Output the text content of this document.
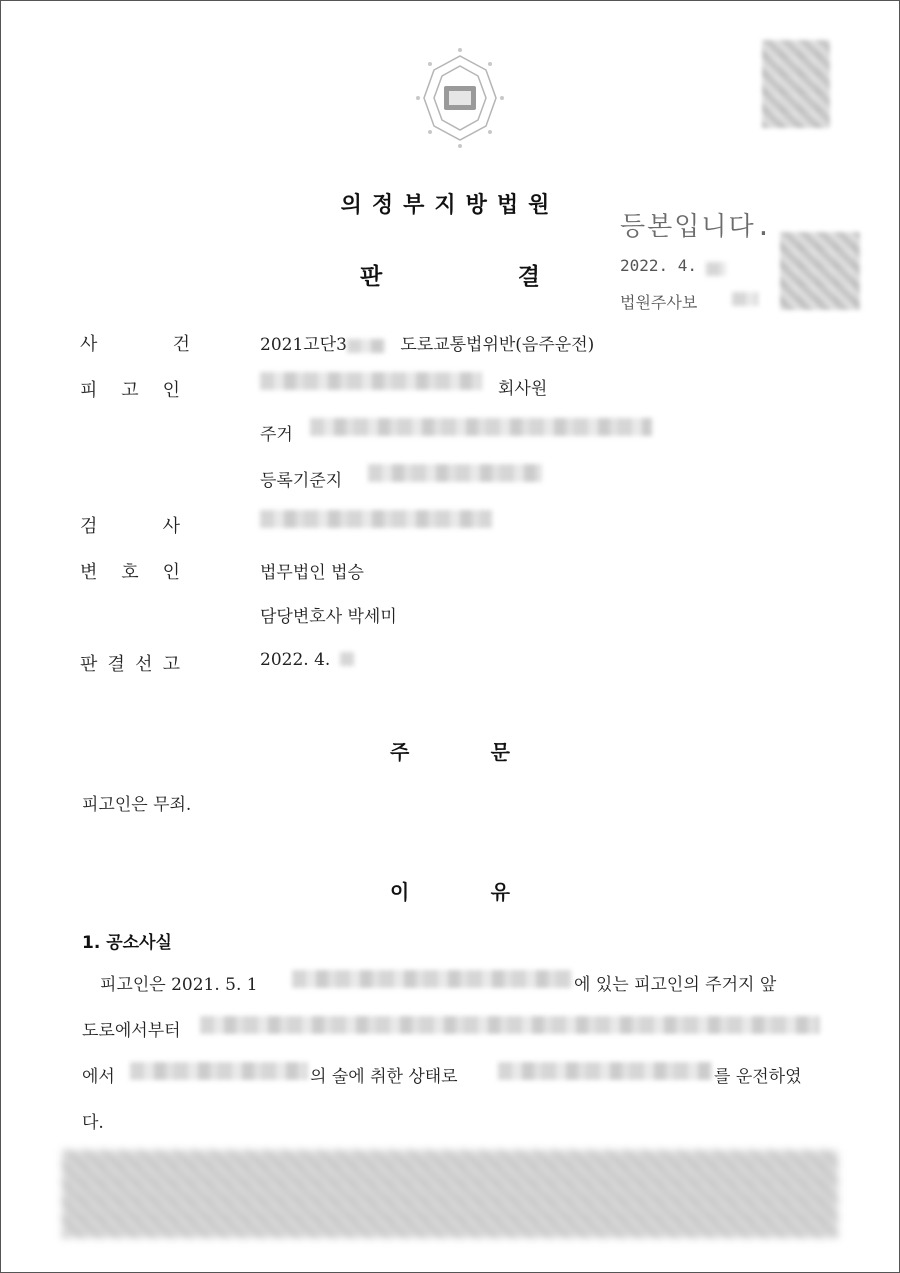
의정부지방법원
판	결
등본입니다.
2022. 4.
법원주사보
사	건	2021고단3	도로교통법위반(음주운전)
피 고 인	회사원
주거
등록기준지
검	사
변 호 인	법무법인 법승
담당변호사 박세미
판 결 선 고	2022. 4.
주	문
피고인은 무죄.
이	유
1. 공소사실
피고인은 2021. 5. 1	에 있는 피고인의 주거지 앞
도로에서부터
에서	의 술에 취한 상태로	를 운전하였
다.
